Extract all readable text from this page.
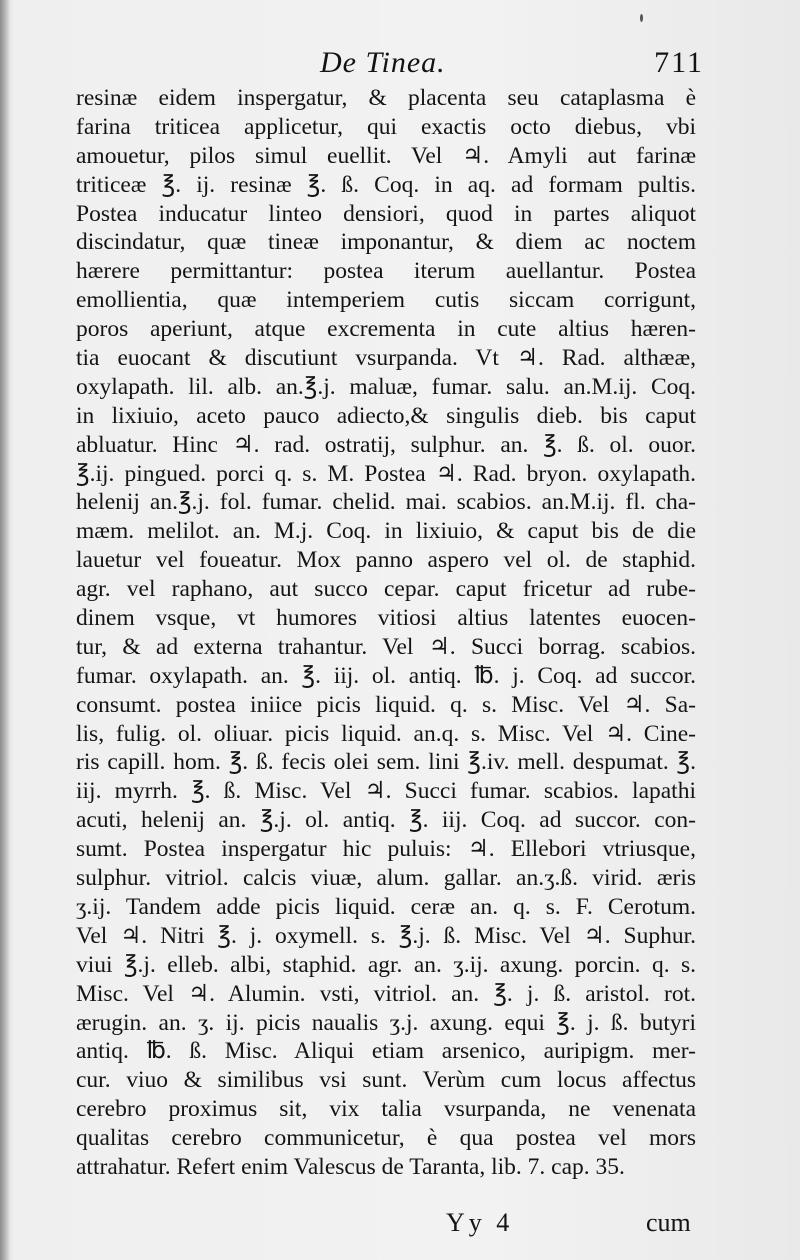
De Tinea.	711
resinæ eidem inspergatur, & placenta seu cataplasma è
farina triticea applicetur, qui exactis octo diebus, vbi
amouetur, pilos simul euellit. Vel ♃. Amyli aut farinæ
triticeæ ℥. ij. resinæ ℥. ß. Coq. in aq. ad formam pultis.
Postea inducatur linteo densiori, quod in partes aliquot
discindatur, quæ tineæ imponantur, & diem ac noctem
hærere permittantur: postea iterum auellantur. Postea
emollientia, quæ intemperiem cutis siccam corrigunt,
poros aperiunt, atque excrementa in cute altius hæren-
tia euocant & discutiunt vsurpanda. Vt ♃. Rad. althææ,
oxylapath. lil. alb. an.℥.j. maluæ, fumar. salu. an.M.ij. Coq.
in lixiuio, aceto pauco adiecto,& singulis dieb. bis caput
abluatur. Hinc ♃. rad. ostratij, sulphur. an. ℥. ß. ol. ouor.
℥.ij. pingued. porci q. s. M. Postea ♃. Rad. bryon. oxylapath.
helenij an.℥.j. fol. fumar. chelid. mai. scabios. an.M.ij. fl. cha-
mæm. melilot. an. M.j. Coq. in lixiuio, & caput bis de die
lauetur vel foueatur. Mox panno aspero vel ol. de staphid.
agr. vel raphano, aut succo cepar. caput fricetur ad rube-
dinem vsque, vt humores vitiosi altius latentes euocen-
tur, & ad externa trahantur. Vel ♃. Succi borrag. scabios.
fumar. oxylapath. an. ℥. iij. ol. antiq. ℔. j. Coq. ad succor.
consumt. postea iniice picis liquid. q. s. Misc. Vel ♃. Sa-
lis, fulig. ol. oliuar. picis liquid. an.q. s. Misc. Vel ♃. Cine-
ris capill. hom. ℥. ß. fecis olei sem. lini ℥.iv. mell. despumat. ℥.
iij. myrrh. ℥. ß. Misc. Vel ♃. Succi fumar. scabios. lapathi
acuti, helenij an. ℥.j. ol. antiq. ℥. iij. Coq. ad succor. con-
sumt. Postea inspergatur hic puluis: ♃. Ellebori vtriusque,
sulphur. vitriol. calcis viuæ, alum. gallar. an.ʒ.ß. virid. æris
ʒ.ij. Tandem adde picis liquid. ceræ an. q. s. F. Cerotum.
Vel ♃. Nitri ℥. j. oxymell. s. ℥.j. ß. Misc. Vel ♃. Suphur.
viui ℥.j. elleb. albi, staphid. agr. an. ʒ.ij. axung. porcin. q. s.
Misc. Vel ♃. Alumin. vsti, vitriol. an. ℥. j. ß. aristol. rot.
ærugin. an. ʒ. ij. picis naualis ʒ.j. axung. equi ℥. j. ß. butyri
antiq. ℔. ß. Misc. Aliqui etiam arsenico, auripigm. mer-
cur. viuo & similibus vsi sunt. Verùm cum locus affectus
cerebro proximus sit, vix talia vsurpanda, ne venenata
qualitas cerebro communicetur, è qua postea vel mors
attrahatur. Refert enim Valescus de Taranta, lib. 7. cap. 35.
Yy 4	cum
